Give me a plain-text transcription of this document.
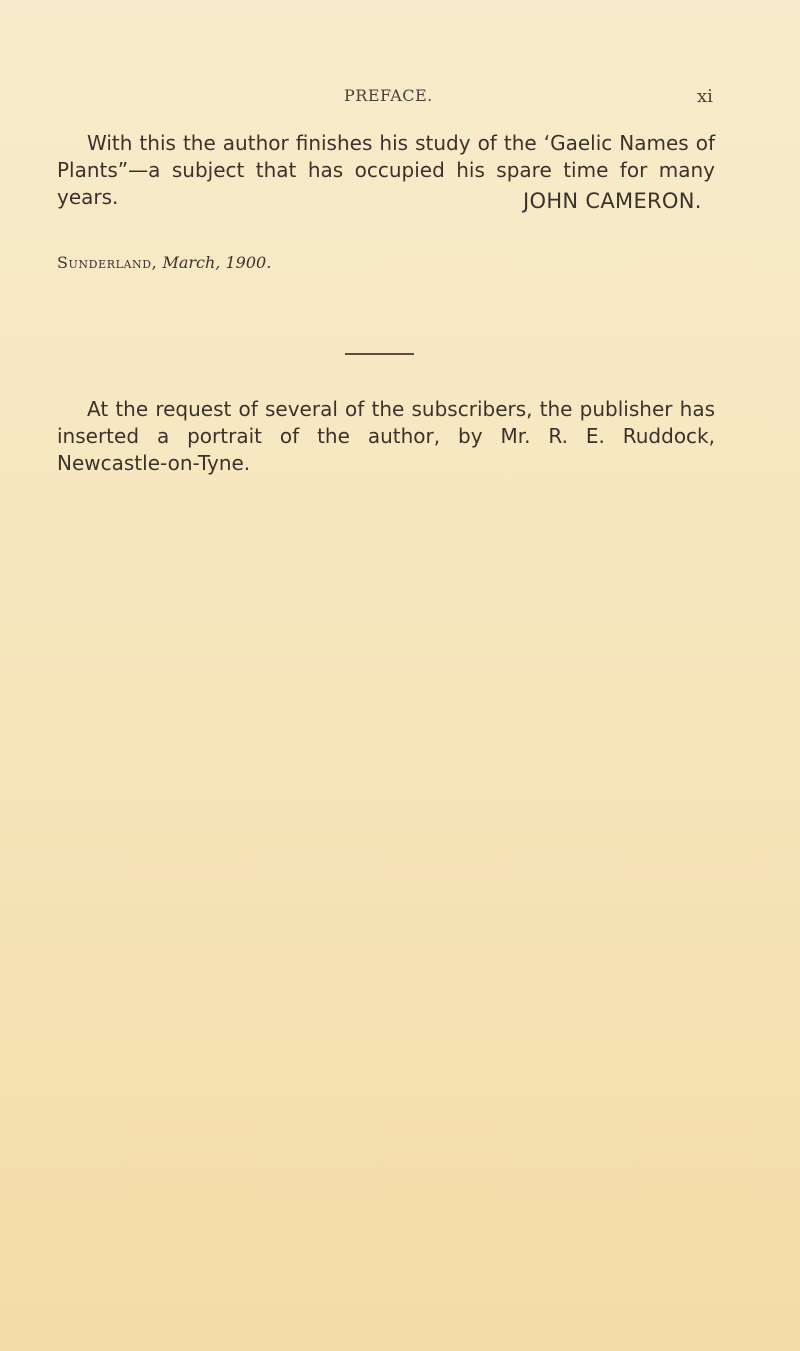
PREFACE.	xi
With this the author finishes his study of the ‘Gaelic Names of Plants”—a subject that has occupied his spare time for many years.	JOHN CAMERON.
Sunderland, March, 1900.
At the request of several of the subscribers, the publisher has inserted a portrait of the author, by Mr. R. E. Ruddock, Newcastle-on-Tyne.
